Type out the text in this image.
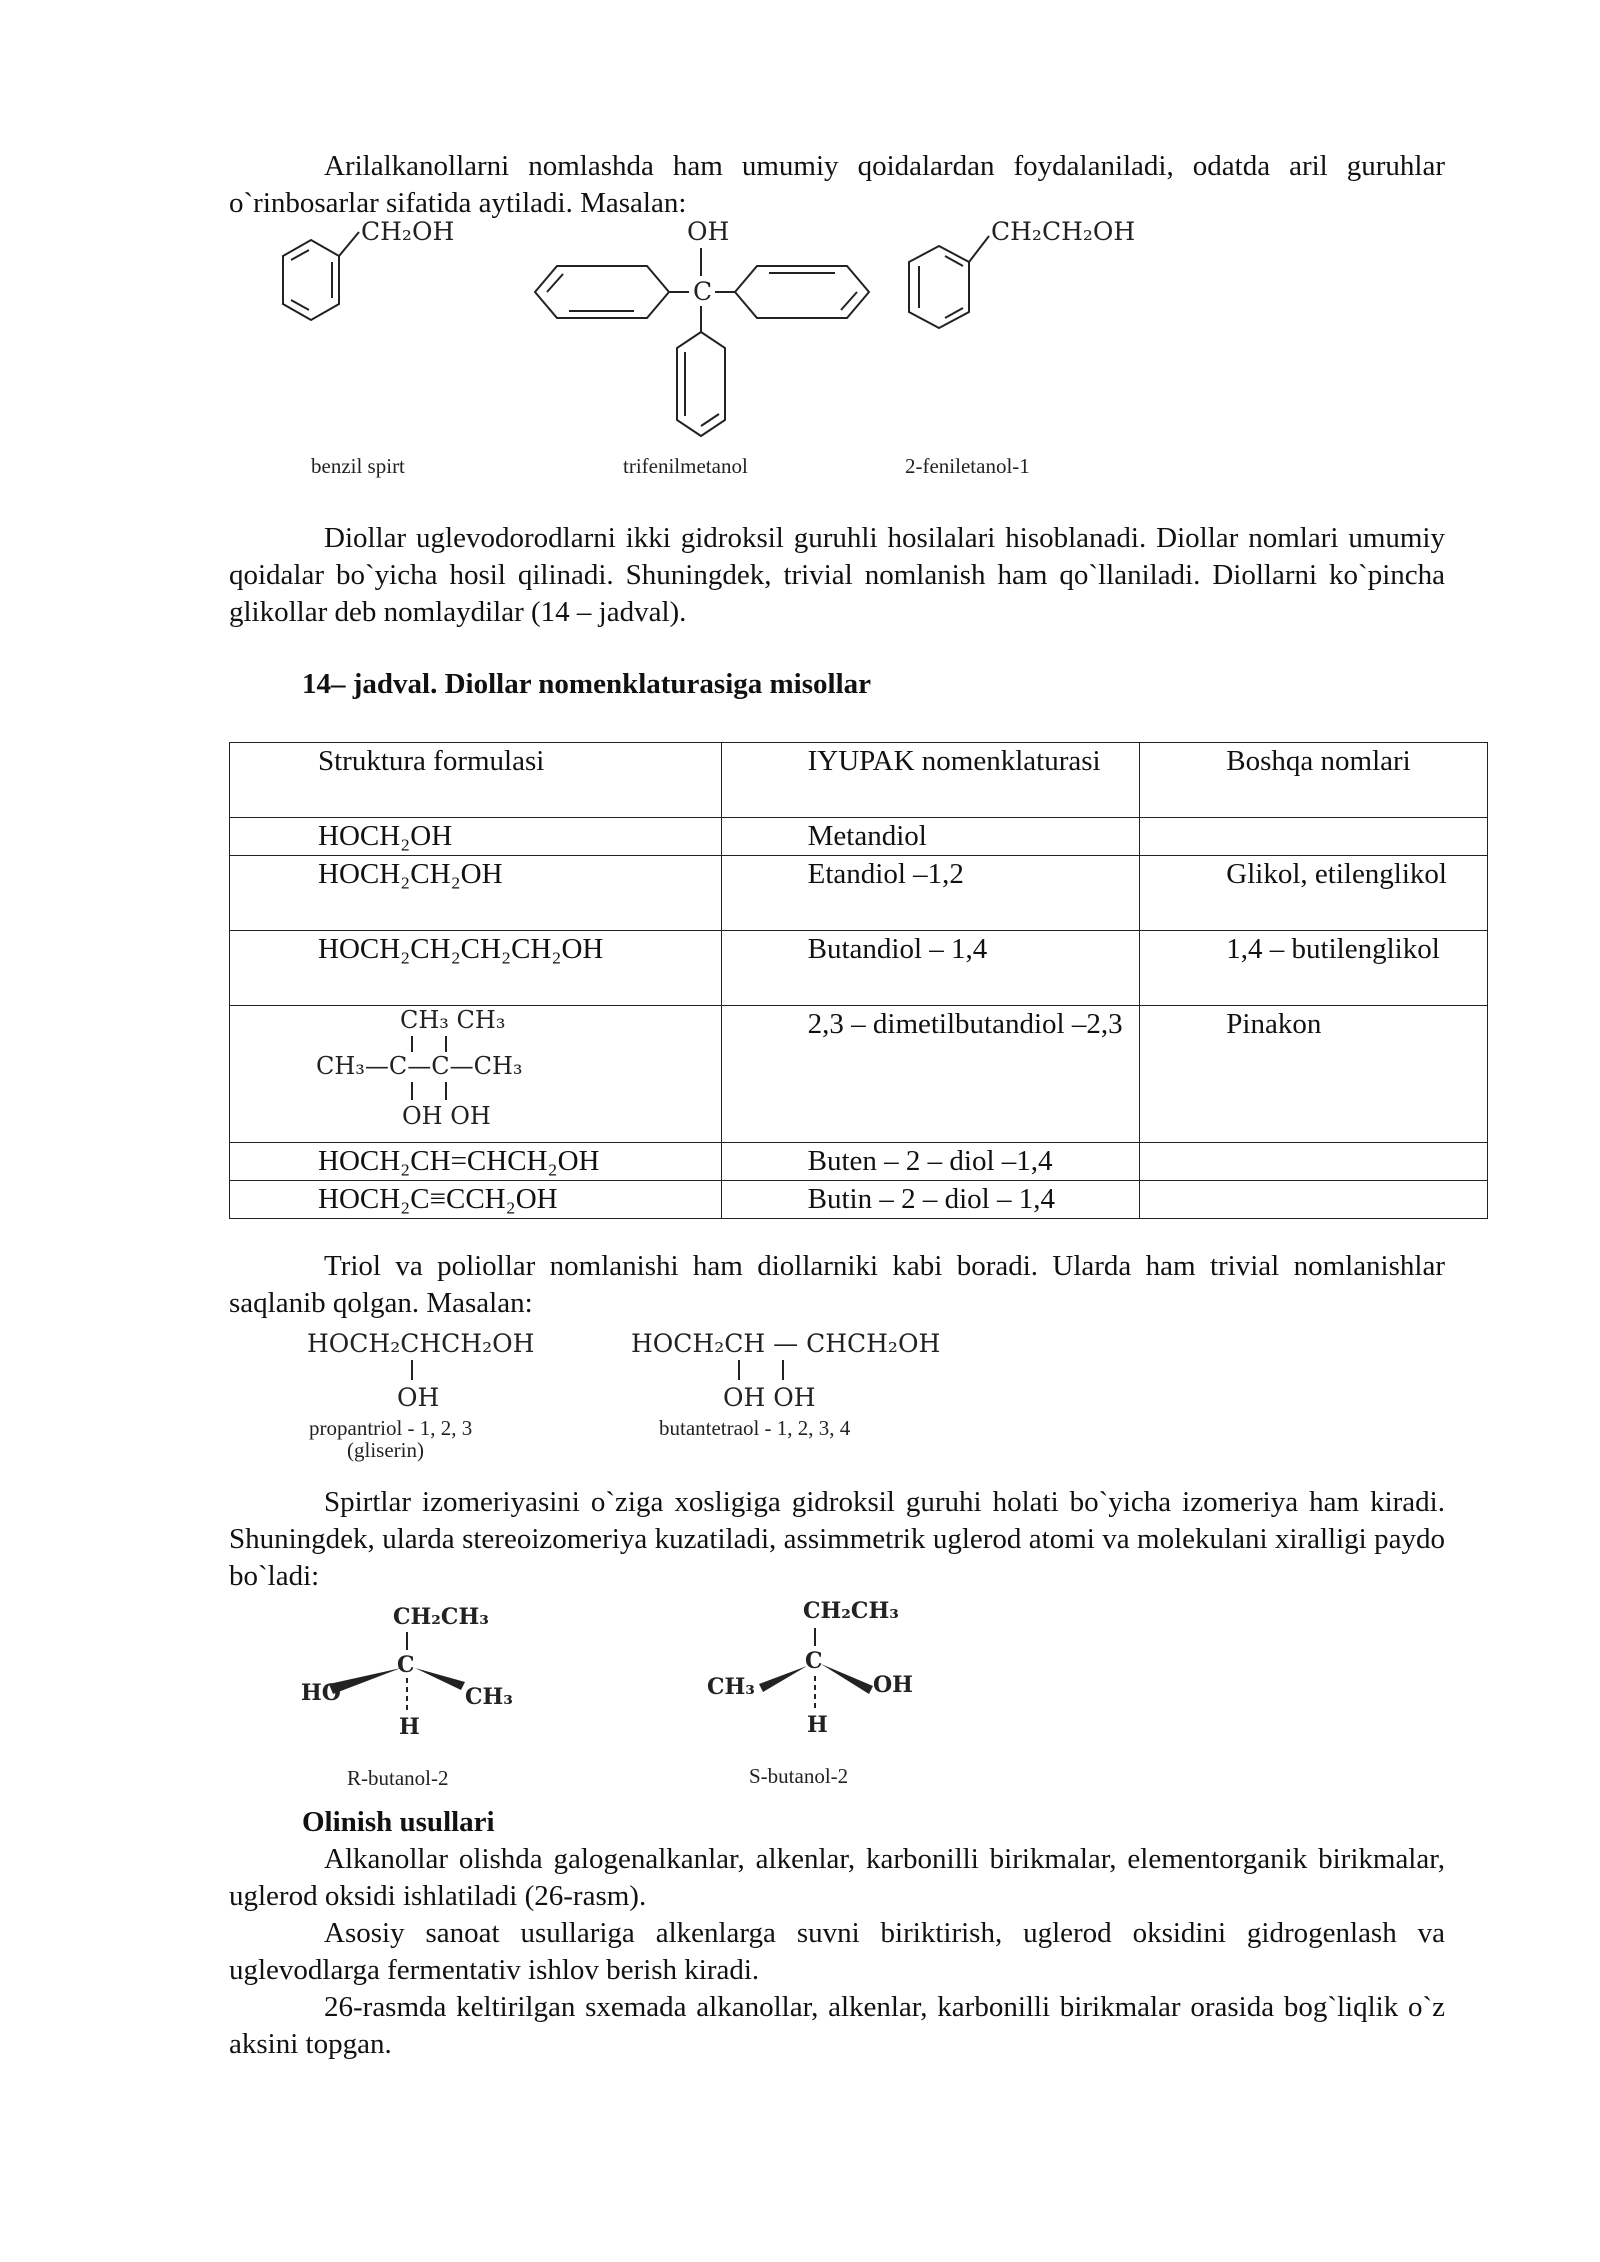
Arilalkanollarni nomlashda ham umumiy qoidalardan foydalaniladi, odatda aril guruhlar o`rinbosarlar sifatida aytiladi. Masalan:

CH₂OH	OH
C
CH₂CH₂OH
benzil spirt	trifenilmetanol	2-feniletanol-1

Diollar uglevodorodlarni ikki gidroksil guruhli hosilalari hisoblanadi. Diollar nomlari umumiy qoidalar bo`yicha hosil qilinadi. Shuningdek, trivial nomlanish ham qo`llaniladi. Diollarni ko`pincha glikollar deb nomlaydilar (14 – jadval).

14– jadval. Diollar nomenklaturasiga misollar
Struktura formulasi	IYUPAK nomenklaturasi	Boshqa nomlari
HOCH₂OH	Metandiol	
HOCH₂CH₂OH	Etandiol –1,2	Glikol, etilenglikol
HOCH₂CH₂CH₂CH₂OH	Butandiol – 1,4	1,4 – butilenglikol

CH₃ CH₃
CH₃—C—C—CH₃
OH OH	2,3 – dimetilbutandiol –2,3	Pinakon
HOCH₂CH=CHCH₂OH	Buten – 2 – diol –1,4	
HOCH₂C≡CCH₂OH	Butin – 2 – diol – 1,4	

Triol va poliollar nomlanishi ham diollarniki kabi boradi. Ularda ham trivial nomlanishlar saqlanib qolgan. Masalan:

HOCH₂CHCH₂OH
OH
HOCH₂CH — CHCH₂OH
OH OH
propantriol - 1, 2, 3
(gliserin)
butantetraol - 1, 2, 3, 4

Spirtlar izomeriyasini o`ziga xosligiga gidroksil guruhi holati bo`yicha izomeriya ham kiradi. Shuningdek, ularda stereoizomeriya kuzatiladi, assimmetrik uglerod atomi va molekulani xiralligi paydo bo`ladi:

CH₂CH₃
C
HO	CH₃
H
CH₂CH₃
C
CH₃	OH
H
R-butanol-2	S-butanol-2

Olinish usullari

Alkanollar olishda galogenalkanlar, alkenlar, karbonilli birikmalar, elementorganik birikmalar, uglerod oksidi ishlatiladi (26-rasm).

Asosiy sanoat usullariga alkenlarga suvni biriktirish, uglerod oksidini gidrogenlash va uglevodlarga fermentativ ishlov berish kiradi.

26-rasmda keltirilgan sxemada alkanollar, alkenlar, karbonilli birikmalar orasida bog`liqlik o`z aksini topgan.
